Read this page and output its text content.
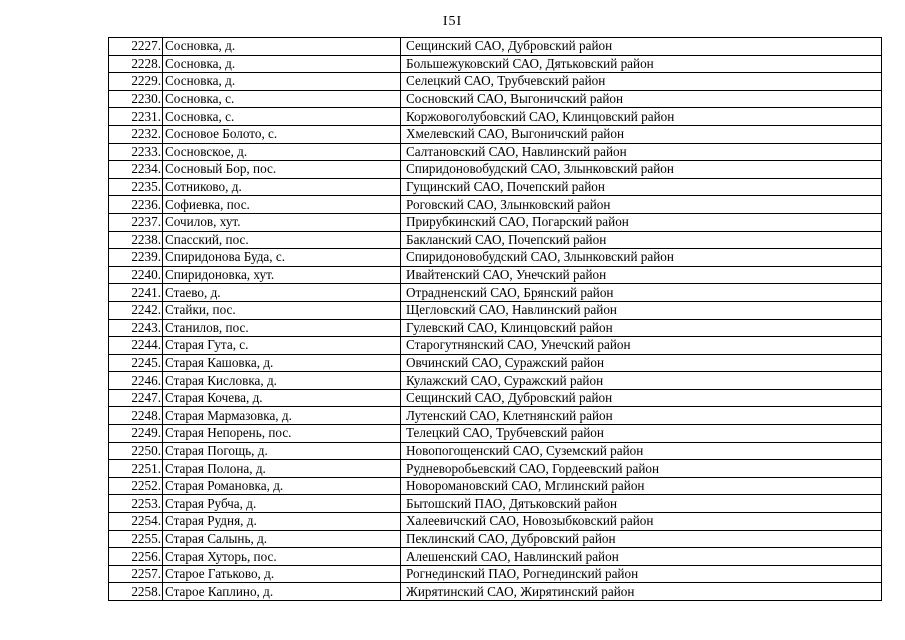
I5I
2227.	Сосновка, д.	Сещинский САО, Дубровский район
2228.	Сосновка, д.	Большежуковский САО, Дятьковский район
2229.	Сосновка, д.	Селецкий САО, Трубчевский район
2230.	Сосновка, с.	Сосновский САО, Выгоничский район
2231.	Сосновка, с.	Коржовоголубовский САО, Клинцовский район
2232.	Сосновое Болото, с.	Хмелевский САО, Выгоничский район
2233.	Сосновское, д.	Салтановский САО, Навлинский район
2234.	Сосновый Бор, пос.	Спиридоновобудский САО, Злынковский район
2235.	Сотниково, д.	Гущинский САО, Почепский район
2236.	Софиевка, пос.	Роговский САО, Злынковский район
2237.	Сочилов, хут.	Прирубкинский САО, Погарский район
2238.	Спасский, пос.	Бакланский САО, Почепский район
2239.	Спиридонова Буда, с.	Спиридоновобудский САО, Злынковский район
2240.	Спиридоновка, хут.	Ивайтенский САО, Унечский район
2241.	Стаево, д.	Отрадненский САО, Брянский район
2242.	Стайки, пос.	Щегловский САО, Навлинский район
2243.	Станилов, пос.	Гулевский САО, Клинцовский район
2244.	Старая Гута, с.	Старогутнянский САО, Унечский район
2245.	Старая Кашовка, д.	Овчинский САО, Суражский район
2246.	Старая Кисловка, д.	Кулажский САО, Суражский район
2247.	Старая Кочева, д.	Сещинский САО, Дубровский район
2248.	Старая Мармазовка, д.	Лутенский САО, Клетнянский район
2249.	Старая Непорень, пос.	Телецкий САО, Трубчевский район
2250.	Старая Погощь, д.	Новопогощенский САО, Суземский район
2251.	Старая Полона, д.	Рудневоробьевский САО, Гордеевский район
2252.	Старая Романовка, д.	Новоромановский САО, Мглинский район
2253.	Старая Рубча, д.	Бытошский ПАО, Дятьковский район
2254.	Старая Рудня, д.	Халеевичский САО, Новозыбковский район
2255.	Старая Салынь, д.	Пеклинский САО, Дубровский район
2256.	Старая Хуторь, пос.	Алешенский САО, Навлинский район
2257.	Старое Гатьково, д.	Рогнединский ПАО, Рогнединский район
2258.	Старое Каплино, д.	Жирятинский САО, Жирятинский район
